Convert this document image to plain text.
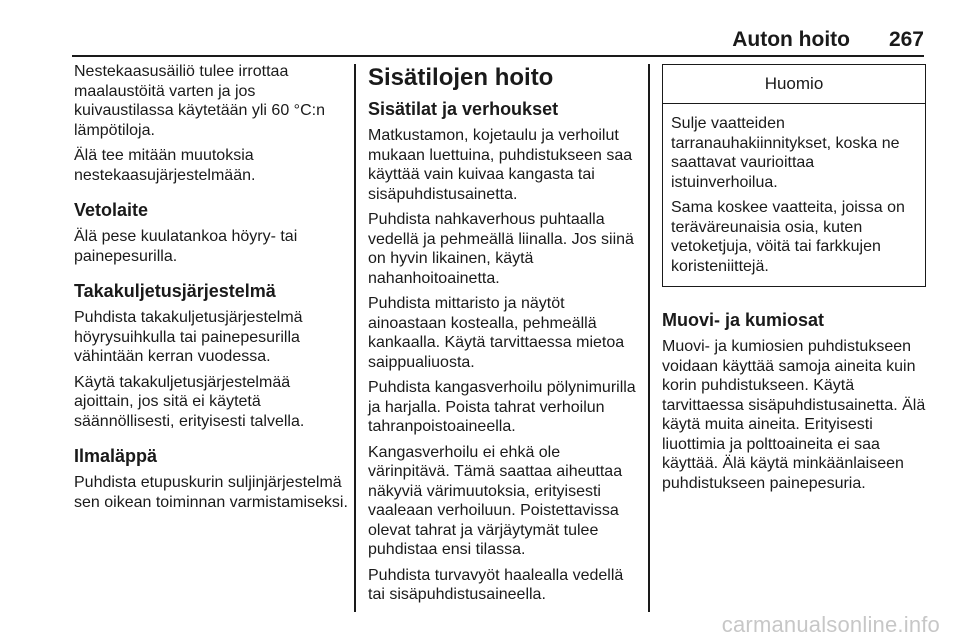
Auton hoito 267

Nestekaasusäiliö tulee irrottaa maalaustöitä varten ja jos kuivaustilassa käytetään yli 60 °C:n lämpötiloja.

Älä tee mitään muutoksia nestekaasujärjestelmään.

Vetolaite

Älä pese kuulatankoa höyry- tai painepesurilla.

Takakuljetusjärjestelmä

Puhdista takakuljetusjärjestelmä höyrysuihkulla tai painepesurilla vähintään kerran vuodessa.

Käytä takakuljetusjärjestelmää ajoittain, jos sitä ei käytetä säännöllisesti, erityisesti talvella.

Ilmaläppä

Puhdista etupuskurin suljinjärjestelmä sen oikean toiminnan varmistamiseksi.

Sisätilojen hoito
Sisätilat ja verhoukset

Matkustamon, kojetaulu ja verhoilut mukaan luettuina, puhdistukseen saa käyttää vain kuivaa kangasta tai sisäpuhdistusainetta.

Puhdista nahkaverhous puhtaalla vedellä ja pehmeällä liinalla. Jos siinä on hyvin likainen, käytä nahanhoitoainetta.

Puhdista mittaristo ja näytöt ainoastaan kostealla, pehmeällä kankaalla. Käytä tarvittaessa mietoa saippualiuosta.

Puhdista kangasverhoilu pölynimurilla ja harjalla. Poista tahrat verhoilun tahranpoistoaineella.

Kangasverhoilu ei ehkä ole värinpitävä. Tämä saattaa aiheuttaa näkyviä värimuutoksia, erityisesti vaaleaan verhoiluun. Poistettavissa olevat tahrat ja värjäytymät tulee puhdistaa ensi tilassa.

Puhdista turvavyöt haalealla vedellä tai sisäpuhdistusaineella.

Huomio

Sulje vaatteiden tarranauhakiinnitykset, koska ne saattavat vaurioittaa istuinverhoilua.

Sama koskee vaatteita, joissa on teräväreunaisia osia, kuten vetoketjuja, vöitä tai farkkujen koristeniittejä.

Muovi- ja kumiosat

Muovi- ja kumiosien puhdistukseen voidaan käyttää samoja aineita kuin korin puhdistukseen. Käytä tarvittaessa sisäpuhdistusainetta. Älä käytä muita aineita. Erityisesti liuottimia ja polttoaineita ei saa käyttää. Älä käytä minkäänlaiseen puhdistukseen painepesuria.

carmanualsonline.info
